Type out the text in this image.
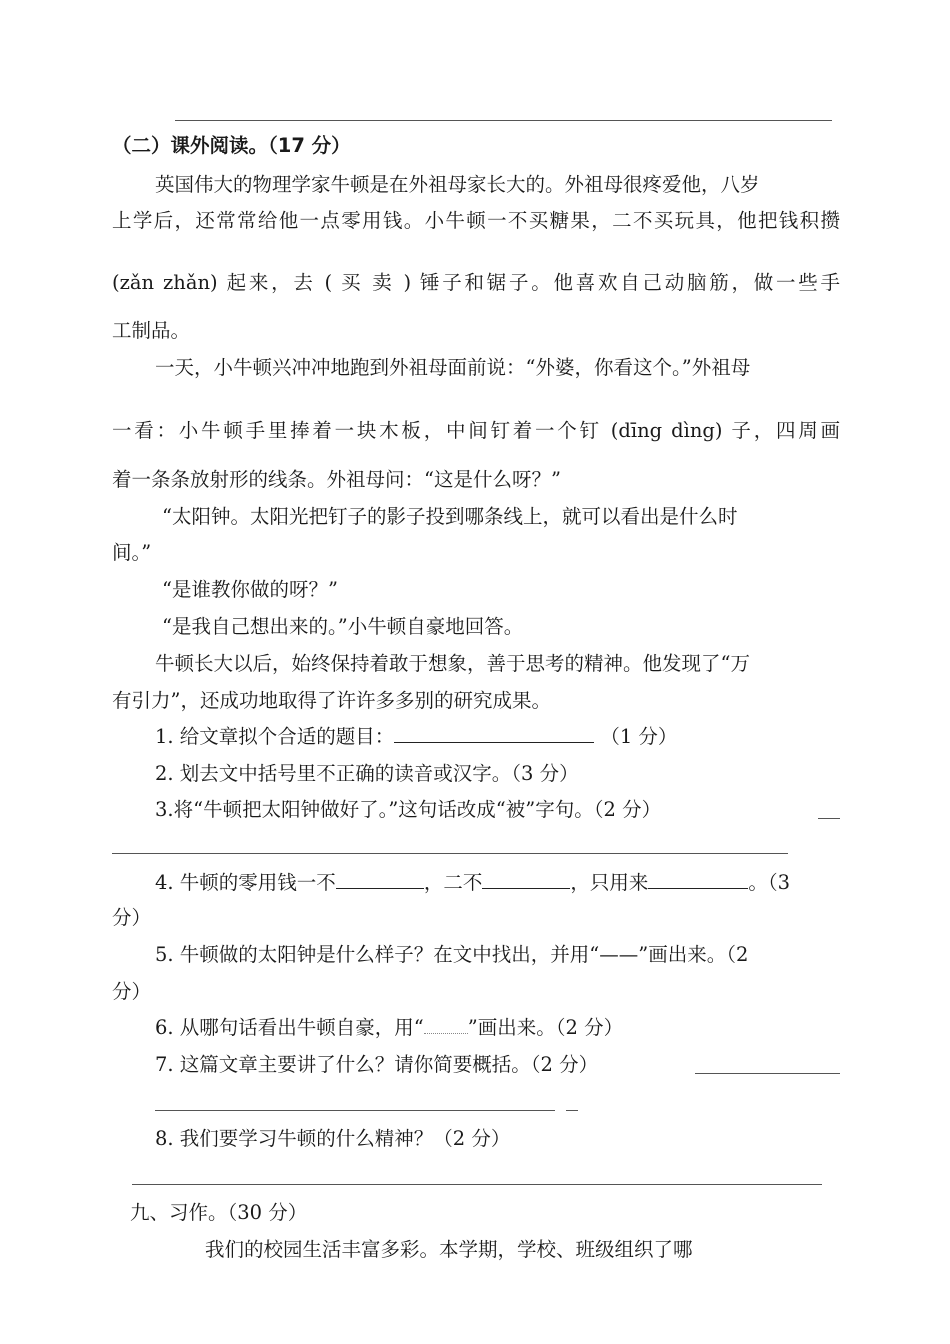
（二）课外阅读。（17 分）
英国伟大的物理学家牛顿是在外祖母家长大的。外祖母很疼爱他，八岁
上学后，还常常给他一点零用钱。小牛顿一不买糖果，二不买玩具，他把钱积攒
(zǎn zhǎn) 起来，去 ( 买 卖 ) 锤子和锯子。他喜欢自己动脑筋，做一些手
工制品。
一天，小牛顿兴冲冲地跑到外祖母面前说：“外婆，你看这个。”外祖母
一看：小牛顿手里捧着一块木板，中间钉着一个钉 (dīng dìng) 子，四周画
着一条条放射形的线条。外祖母问：“这是什么呀？”
“太阳钟。太阳光把钉子的影子投到哪条线上，就可以看出是什么时
间。”
“是谁教你做的呀？”
“是我自己想出来的。”小牛顿自豪地回答。
牛顿长大以后，始终保持着敢于想象，善于思考的精神。他发现了“万
有引力”，还成功地取得了许许多多别的研究成果。
1. 给文章拟个合适的题目：	（1 分）
2. 划去文中括号里不正确的读音或汉字。（3 分）
3.将“牛顿把太阳钟做好了。”这句话改成“被”字句。（2 分）
4. 牛顿的零用钱一不	，二不	，只用来	。（3
分）
5. 牛顿做的太阳钟是什么样子？在文中找出，并用“——”画出来。（2
分）
6. 从哪句话看出牛顿自豪，用“ ”画出来。（2 分）
7. 这篇文章主要讲了什么？请你简要概括。（2 分）
8. 我们要学习牛顿的什么精神？（2 分）
九、习作。（30 分）
我们的校园生活丰富多彩。本学期，学校、班级组织了哪
